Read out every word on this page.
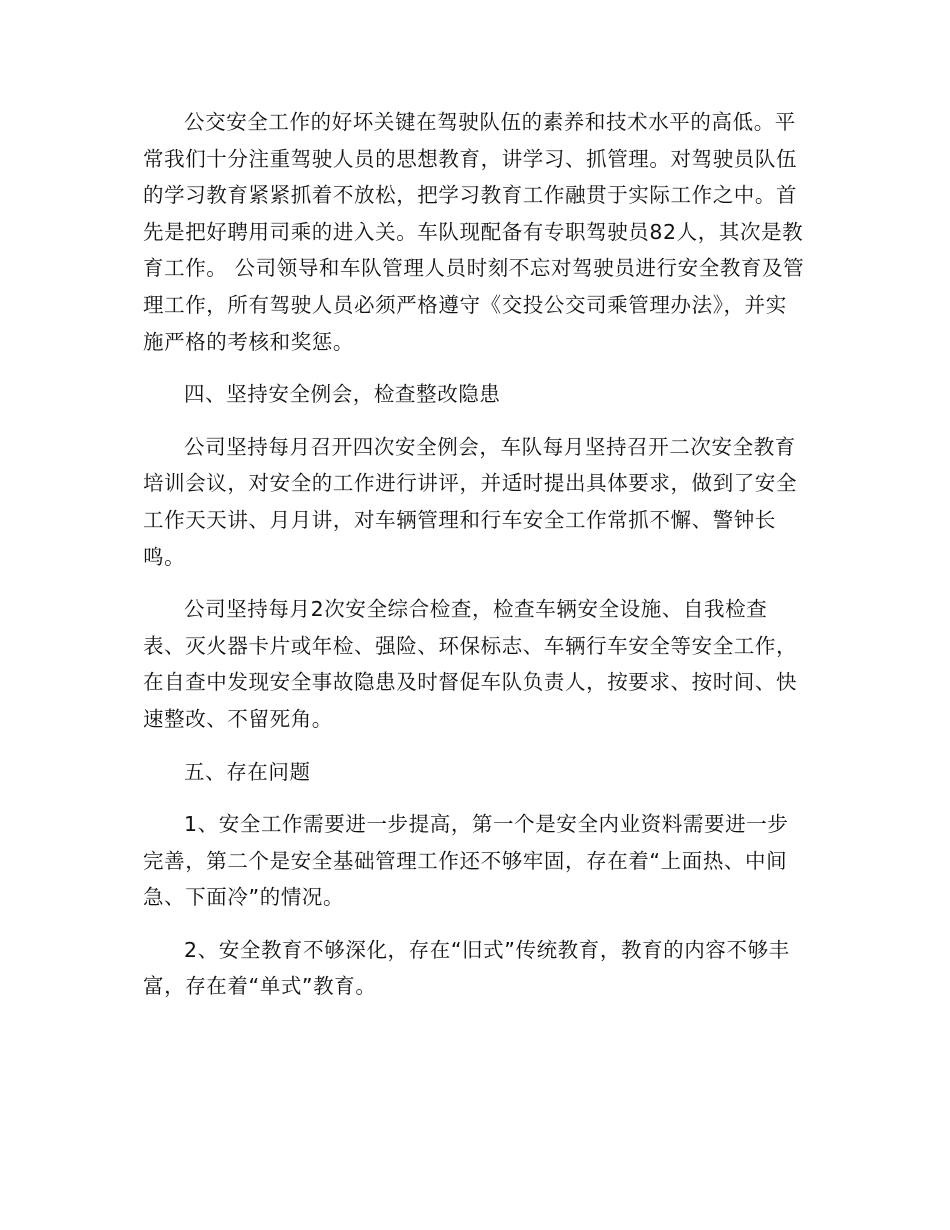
公交安全工作的好坏关键在驾驶队伍的素养和技术水平的高低。平常我们十分注重驾驶人员的思想教育，讲学习、抓管理。对驾驶员队伍的学习教育紧紧抓着不放松，把学习教育工作融贯于实际工作之中。首先是把好聘用司乘的进入关。车队现配备有专职驾驶员82人，其次是教育工作。 公司领导和车队管理人员时刻不忘对驾驶员进行安全教育及管理工作，所有驾驶人员必须严格遵守《交投公交司乘管理办法》，并实施严格的考核和奖惩。

四、坚持安全例会，检查整改隐患

公司坚持每月召开四次安全例会，车队每月坚持召开二次安全教育培训会议，对安全的工作进行讲评，并适时提出具体要求，做到了安全工作天天讲、月月讲，对车辆管理和行车安全工作常抓不懈、警钟长鸣。

公司坚持每月2次安全综合检查，检查车辆安全设施、自我检查表、灭火器卡片或年检、强险、环保标志、车辆行车安全等安全工作，在自查中发现安全事故隐患及时督促车队负责人，按要求、按时间、快速整改、不留死角。

五、存在问题

1、安全工作需要进一步提高，第一个是安全内业资料需要进一步完善，第二个是安全基础管理工作还不够牢固，存在着“上面热、中间急、下面冷”的情况。

2、安全教育不够深化，存在“旧式”传统教育，教育的内容不够丰富，存在着“单式”教育。
